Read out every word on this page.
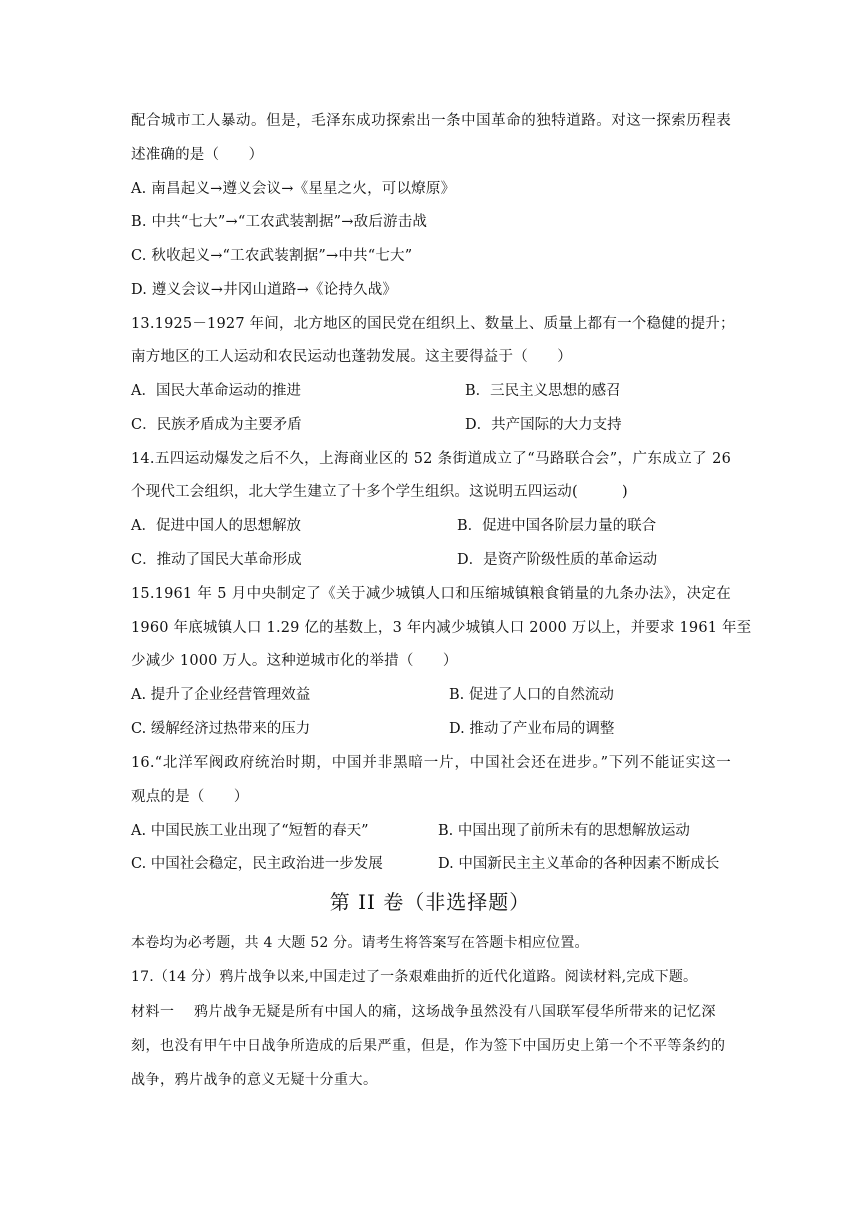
配合城市工人暴动。但是，毛泽东成功探索出一条中国革命的独特道路。对这一探索历程表
述准确的是（　　）
A. 南昌起义→遵义会议→《星星之火，可以燎原》
B. 中共“七大”→“工农武装割据”→敌后游击战
C. 秋收起义→“工农武装割据”→中共“七大”
D. 遵义会议→井冈山道路→《论持久战》
13.1925－1927 年间，北方地区的国民党在组织上、数量上、质量上都有一个稳健的提升；
南方地区的工人运动和农民运动也蓬勃发展。这主要得益于（　　）
A．国民大革命运动的推进	B．三民主义思想的感召
C．民族矛盾成为主要矛盾	D．共产国际的大力支持
14.五四运动爆发之后不久，上海商业区的 52 条街道成立了“马路联合会”，广东成立了 26
个现代工会组织，北大学生建立了十多个学生组织。这说明五四运动(　　　)
A．促进中国人的思想解放	B．促进中国各阶层力量的联合
C．推动了国民大革命形成	D．是资产阶级性质的革命运动
15.1961 年 5 月中央制定了《关于减少城镇人口和压缩城镇粮食销量的九条办法》，决定在
1960 年底城镇人口 1.29 亿的基数上，3 年内减少城镇人口 2000 万以上，并要求 1961 年至
少减少 1000 万人。这种逆城市化的举措（　　）
A. 提升了企业经营管理效益	B. 促进了人口的自然流动
C. 缓解经济过热带来的压力	D. 推动了产业布局的调整
16.“北洋军阀政府统治时期，中国并非黑暗一片，中国社会还在进步。”下列不能证实这一
观点的是（　　）
A. 中国民族工业出现了“短暂的春天”	B. 中国出现了前所未有的思想解放运动
C. 中国社会稳定，民主政治进一步发展	D. 中国新民主主义革命的各种因素不断成长
第 II 卷（非选择题）
本卷均为必考题，共 4 大题 52 分。请考生将答案写在答题卡相应位置。
17.（14 分）鸦片战争以来,中国走过了一条艰难曲折的近代化道路。阅读材料,完成下题。
材料一　 鸦片战争无疑是所有中国人的痛，这场战争虽然没有八国联军侵华所带来的记忆深
刻，也没有甲午中日战争所造成的后果严重，但是，作为签下中国历史上第一个不平等条约的
战争，鸦片战争的意义无疑十分重大。
